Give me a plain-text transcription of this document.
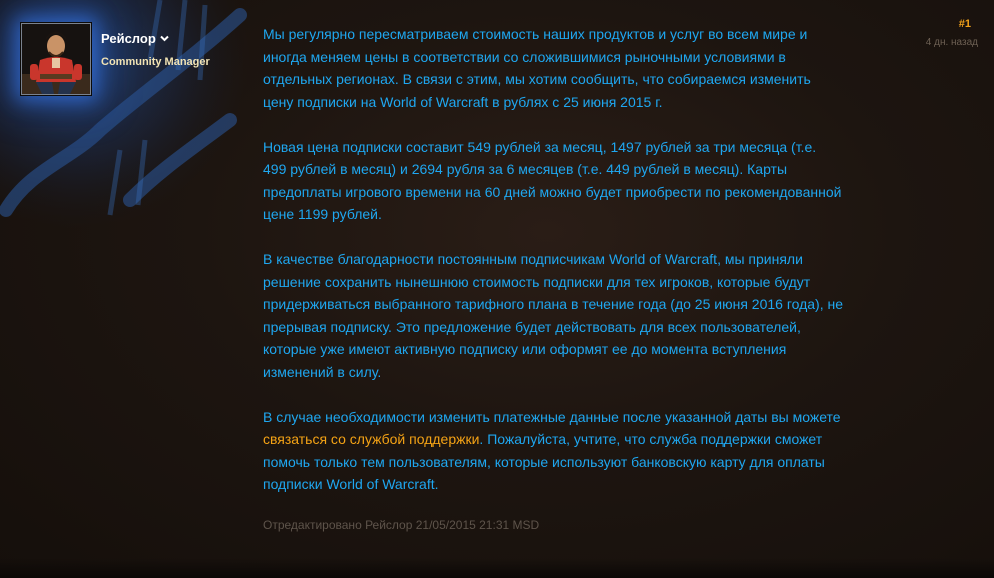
Рейслор
Community Manager
#1
4 дн. назад

Мы регулярно пересматриваем стоимость наших продуктов и услуг во всем мире и иногда меняем цены в соответствии со сложившимися рыночными условиями в отдельных регионах. В связи с этим, мы хотим сообщить, что собираемся изменить цену подписки на World of Warcraft в рублях с 25 июня 2015 г.

Новая цена подписки составит 549 рублей за месяц, 1497 рублей за три месяца (т.е. 499 рублей в месяц) и 2694 рубля за 6 месяцев (т.е. 449 рублей в месяц). Карты предоплаты игрового времени на 60 дней можно будет приобрести по рекомендованной цене 1199 рублей.

В качестве благодарности постоянным подписчикам World of Warcraft, мы приняли решение сохранить нынешнюю стоимость подписки для тех игроков, которые будут придерживаться выбранного тарифного плана в течение года (до 25 июня 2016 года), не прерывая подписку. Это предложение будет действовать для всех пользователей, которые уже имеют активную подписку или оформят ее до момента вступления изменений в силу.

В случае необходимости изменить платежные данные после указанной даты вы можете связаться со службой поддержки. Пожалуйста, учтите, что служба поддержки сможет помочь только тем пользователям, которые используют банковскую карту для оплаты подписки World of Warcraft.

Отредактировано Рейслор 21/05/2015 21:31 MSD
